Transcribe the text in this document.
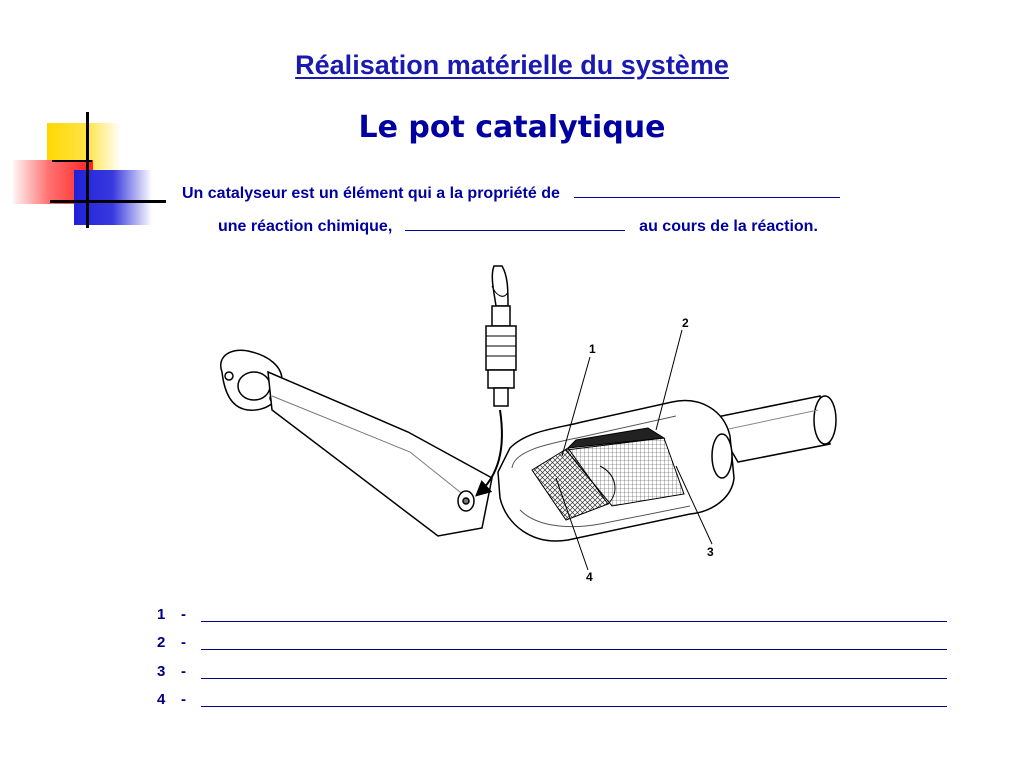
Réalisation matérielle du système
Le pot catalytique
Un catalyseur est un élément qui a la propriété de
une réaction chimique,	au cours de la réaction.
1
2
3
4
1 -
2 -
3 -
4 -
